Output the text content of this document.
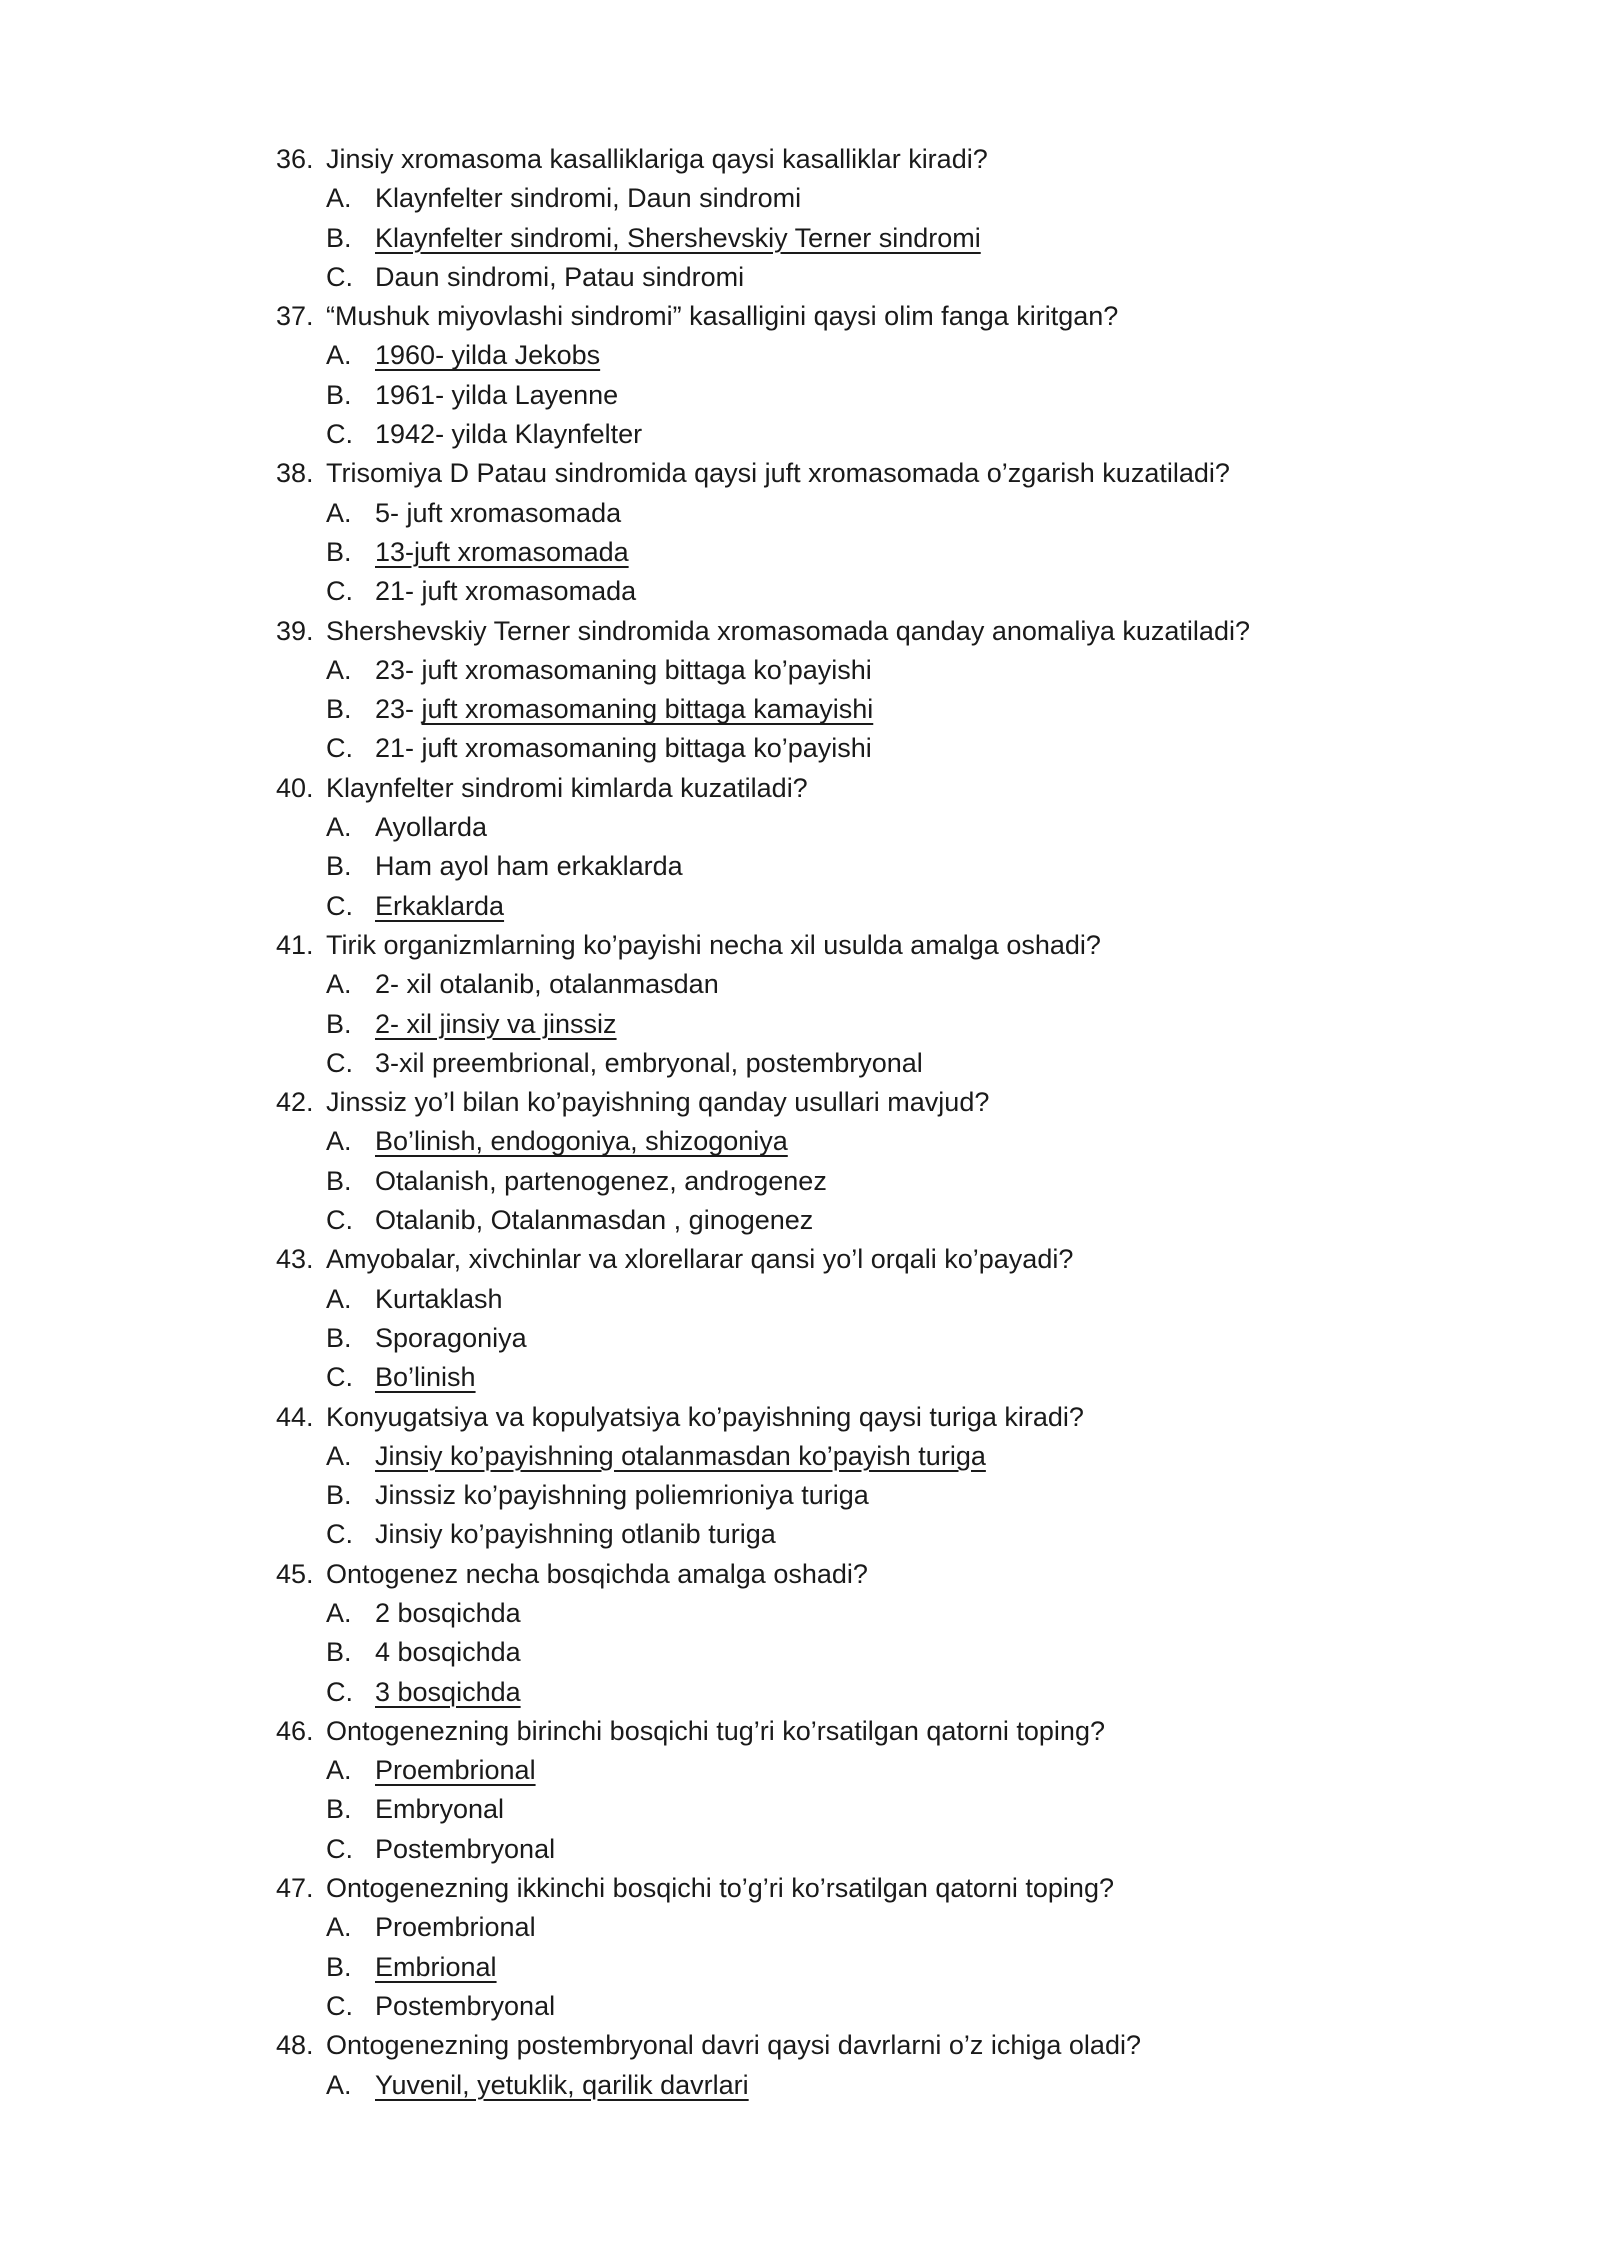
36. Jinsiy xromasoma kasalliklariga qaysi kasalliklar kiradi?
A. Klaynfelter sindromi, Daun sindromi
B. Klaynfelter sindromi, Shershevskiy Terner sindromi
C. Daun sindromi, Patau sindromi
37. “Mushuk miyovlashi sindromi” kasalligini qaysi olim fanga kiritgan?
A. 1960- yilda Jekobs
B. 1961- yilda Layenne
C. 1942- yilda Klaynfelter
38. Trisomiya D Patau sindromida qaysi juft xromasomada o’zgarish kuzatiladi?
A. 5- juft xromasomada
B. 13-juft xromasomada
C. 21- juft xromasomada
39. Shershevskiy Terner sindromida xromasomada qanday anomaliya kuzatiladi?
A. 23- juft xromasomaning bittaga ko’payishi
B. 23- juft xromasomaning bittaga kamayishi
C. 21- juft xromasomaning bittaga ko’payishi
40. Klaynfelter sindromi kimlarda kuzatiladi?
A. Ayollarda
B. Ham ayol ham erkaklarda
C. Erkaklarda
41. Tirik organizmlarning ko’payishi necha xil usulda amalga oshadi?
A. 2- xil otalanib, otalanmasdan
B. 2- xil jinsiy va jinssiz
C. 3-xil preembrional, embryonal, postembryonal
42. Jinssiz yo’l bilan ko’payishning qanday usullari mavjud?
A. Bo’linish, endogoniya, shizogoniya
B. Otalanish, partenogenez, androgenez
C. Otalanib, Otalanmasdan , ginogenez
43. Amyobalar, xivchinlar va xlorellarar qansi yo’l orqali ko’payadi?
A. Kurtaklash
B. Sporagoniya
C. Bo’linish
44. Konyugatsiya va kopulyatsiya ko’payishning qaysi turiga kiradi?
A. Jinsiy ko’payishning otalanmasdan ko’payish turiga
B. Jinssiz ko’payishning poliemrioniya turiga
C. Jinsiy ko’payishning otlanib turiga
45. Ontogenez necha bosqichda amalga oshadi?
A. 2 bosqichda
B. 4 bosqichda
C. 3 bosqichda
46. Ontogenezning birinchi bosqichi tug’ri ko’rsatilgan qatorni toping?
A. Proembrional
B. Embryonal
C. Postembryonal
47. Ontogenezning ikkinchi bosqichi to’g’ri ko’rsatilgan qatorni toping?
A. Proembrional
B. Embrional
C. Postembryonal
48. Ontogenezning postembryonal davri qaysi davrlarni o’z ichiga oladi?
A. Yuvenil, yetuklik, qarilik davrlari
